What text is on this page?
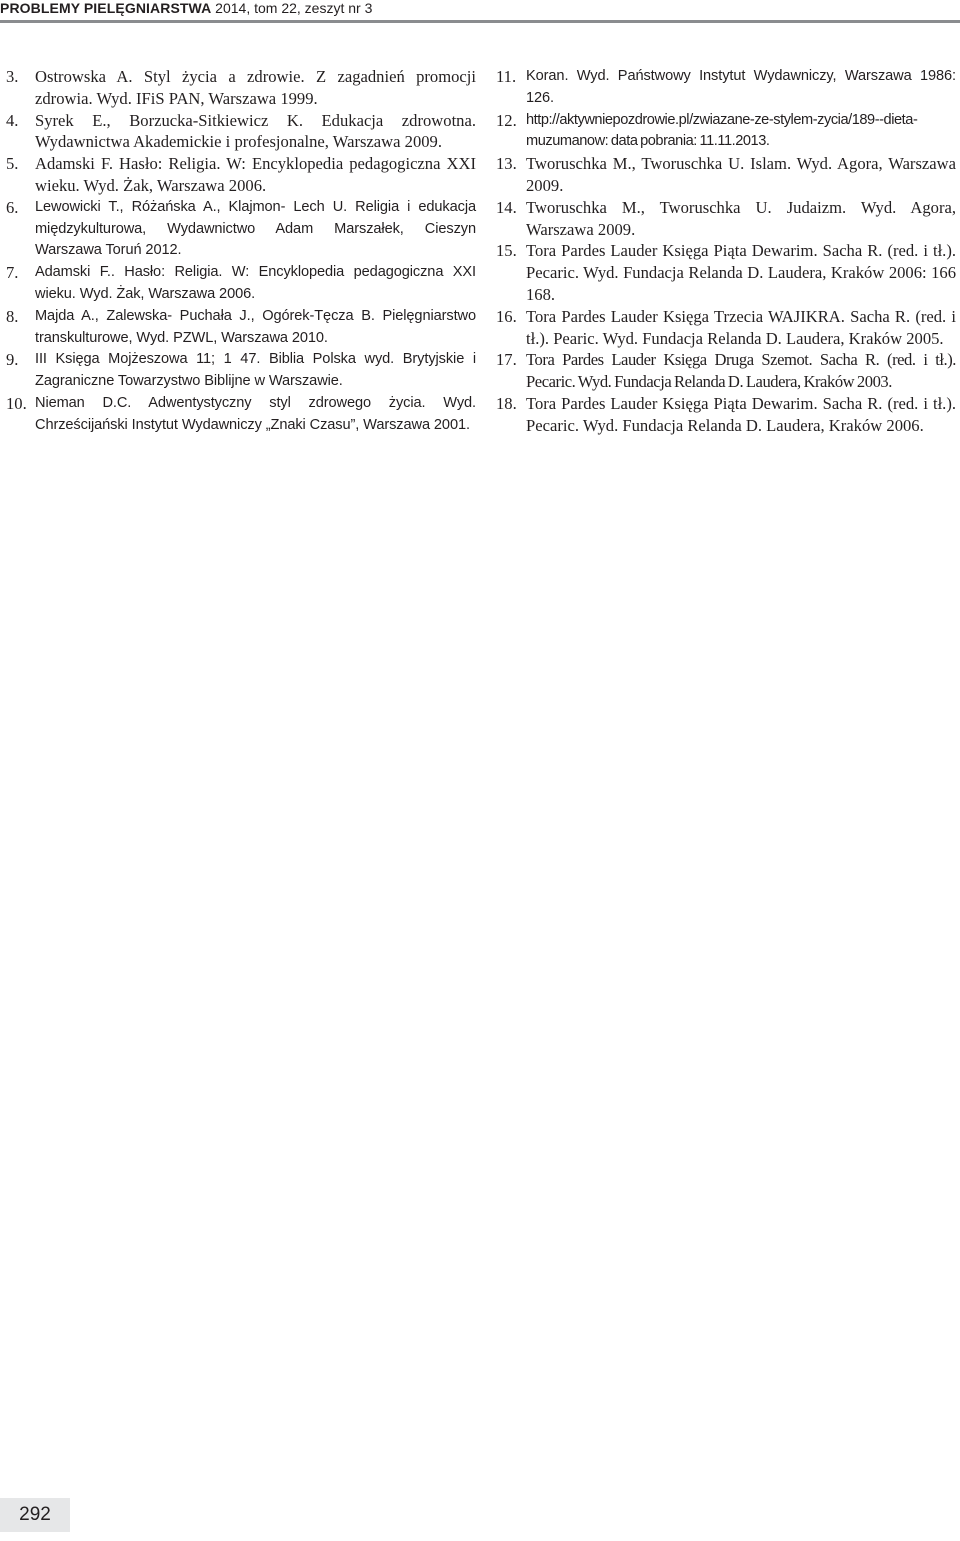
PROBLEMY PIELĘGNIARSTWA 2014, tom 22, zeszyt nr 3
3. Ostrowska A. Styl życia a zdrowie. Z zagadnień promocji zdrowia. Wyd. IFiS PAN, Warszawa 1999.
4. Syrek E., Borzucka-Sitkiewicz K. Edukacja zdrowotna. Wydawnictwa Akademickie i profesjonalne, Warszawa 2009.
5. Adamski F. Hasło: Religia. W: Encyklopedia pedagogiczna XXI wieku. Wyd. Żak, Warszawa 2006.
6.	Lewowicki T., Różańska A., Klajmon- Lech U. Religia i edukacja międzykulturowa, Wydawnictwo Adam Marszałek, Cieszyn Warszawa Toruń 2012.
7.	Adamski F.. Hasło: Religia. W: Encyklopedia pedagogiczna XXI wieku. Wyd. Żak, Warszawa 2006.
8.	Majda A., Zalewska- Puchała J., Ogórek-Tęcza B. Pielęgniarstwo transkulturowe, Wyd. PZWL, Warszawa 2010.
9.	III Księga Mojżeszowa 11; 1 47. Biblia Polska wyd. Brytyjskie i Zagraniczne Towarzystwo Biblijne w Warszawie.
10. Nieman D.C. Adwentystyczny styl zdrowego życia. Wyd. Chrześcijański Instytut Wydawniczy „Znaki Czasu”, Warszawa 2001.
11. Koran. Wyd. Państwowy Instytut Wydawniczy, Warszawa 1986: 126.
12. http://aktywniepozdrowie.pl/zwiazane-ze-stylem-zycia/189--dieta-muzumanow: data pobrania: 11.11.2013.
13. Tworuschka M., Tworuschka U. Islam. Wyd. Agora, Warszawa 2009.
14. Tworuschka M., Tworuschka U. Judaizm. Wyd. Agora, Warszawa 2009.
15. Tora Pardes Lauder Księga Piąta Dewarim. Sacha R. (red. i tł.). Pecaric. Wyd. Fundacja Relanda D. Laudera, Kraków 2006: 166 168.
16. Tora Pardes Lauder Księga Trzecia WAJIKRA. Sacha R. (red. i tł.). Pearic. Wyd. Fundacja Relanda D. Laudera, Kraków 2005.
17. Tora Pardes Lauder Księga Druga Szemot. Sacha R. (red. i tł.). Pecaric. Wyd. Fundacja Relanda D. Laudera, Kraków 2003.
18. Tora Pardes Lauder Księga Piąta Dewarim. Sacha R. (red. i tł.). Pecaric. Wyd. Fundacja Relanda D. Laudera, Kraków 2006.
292
